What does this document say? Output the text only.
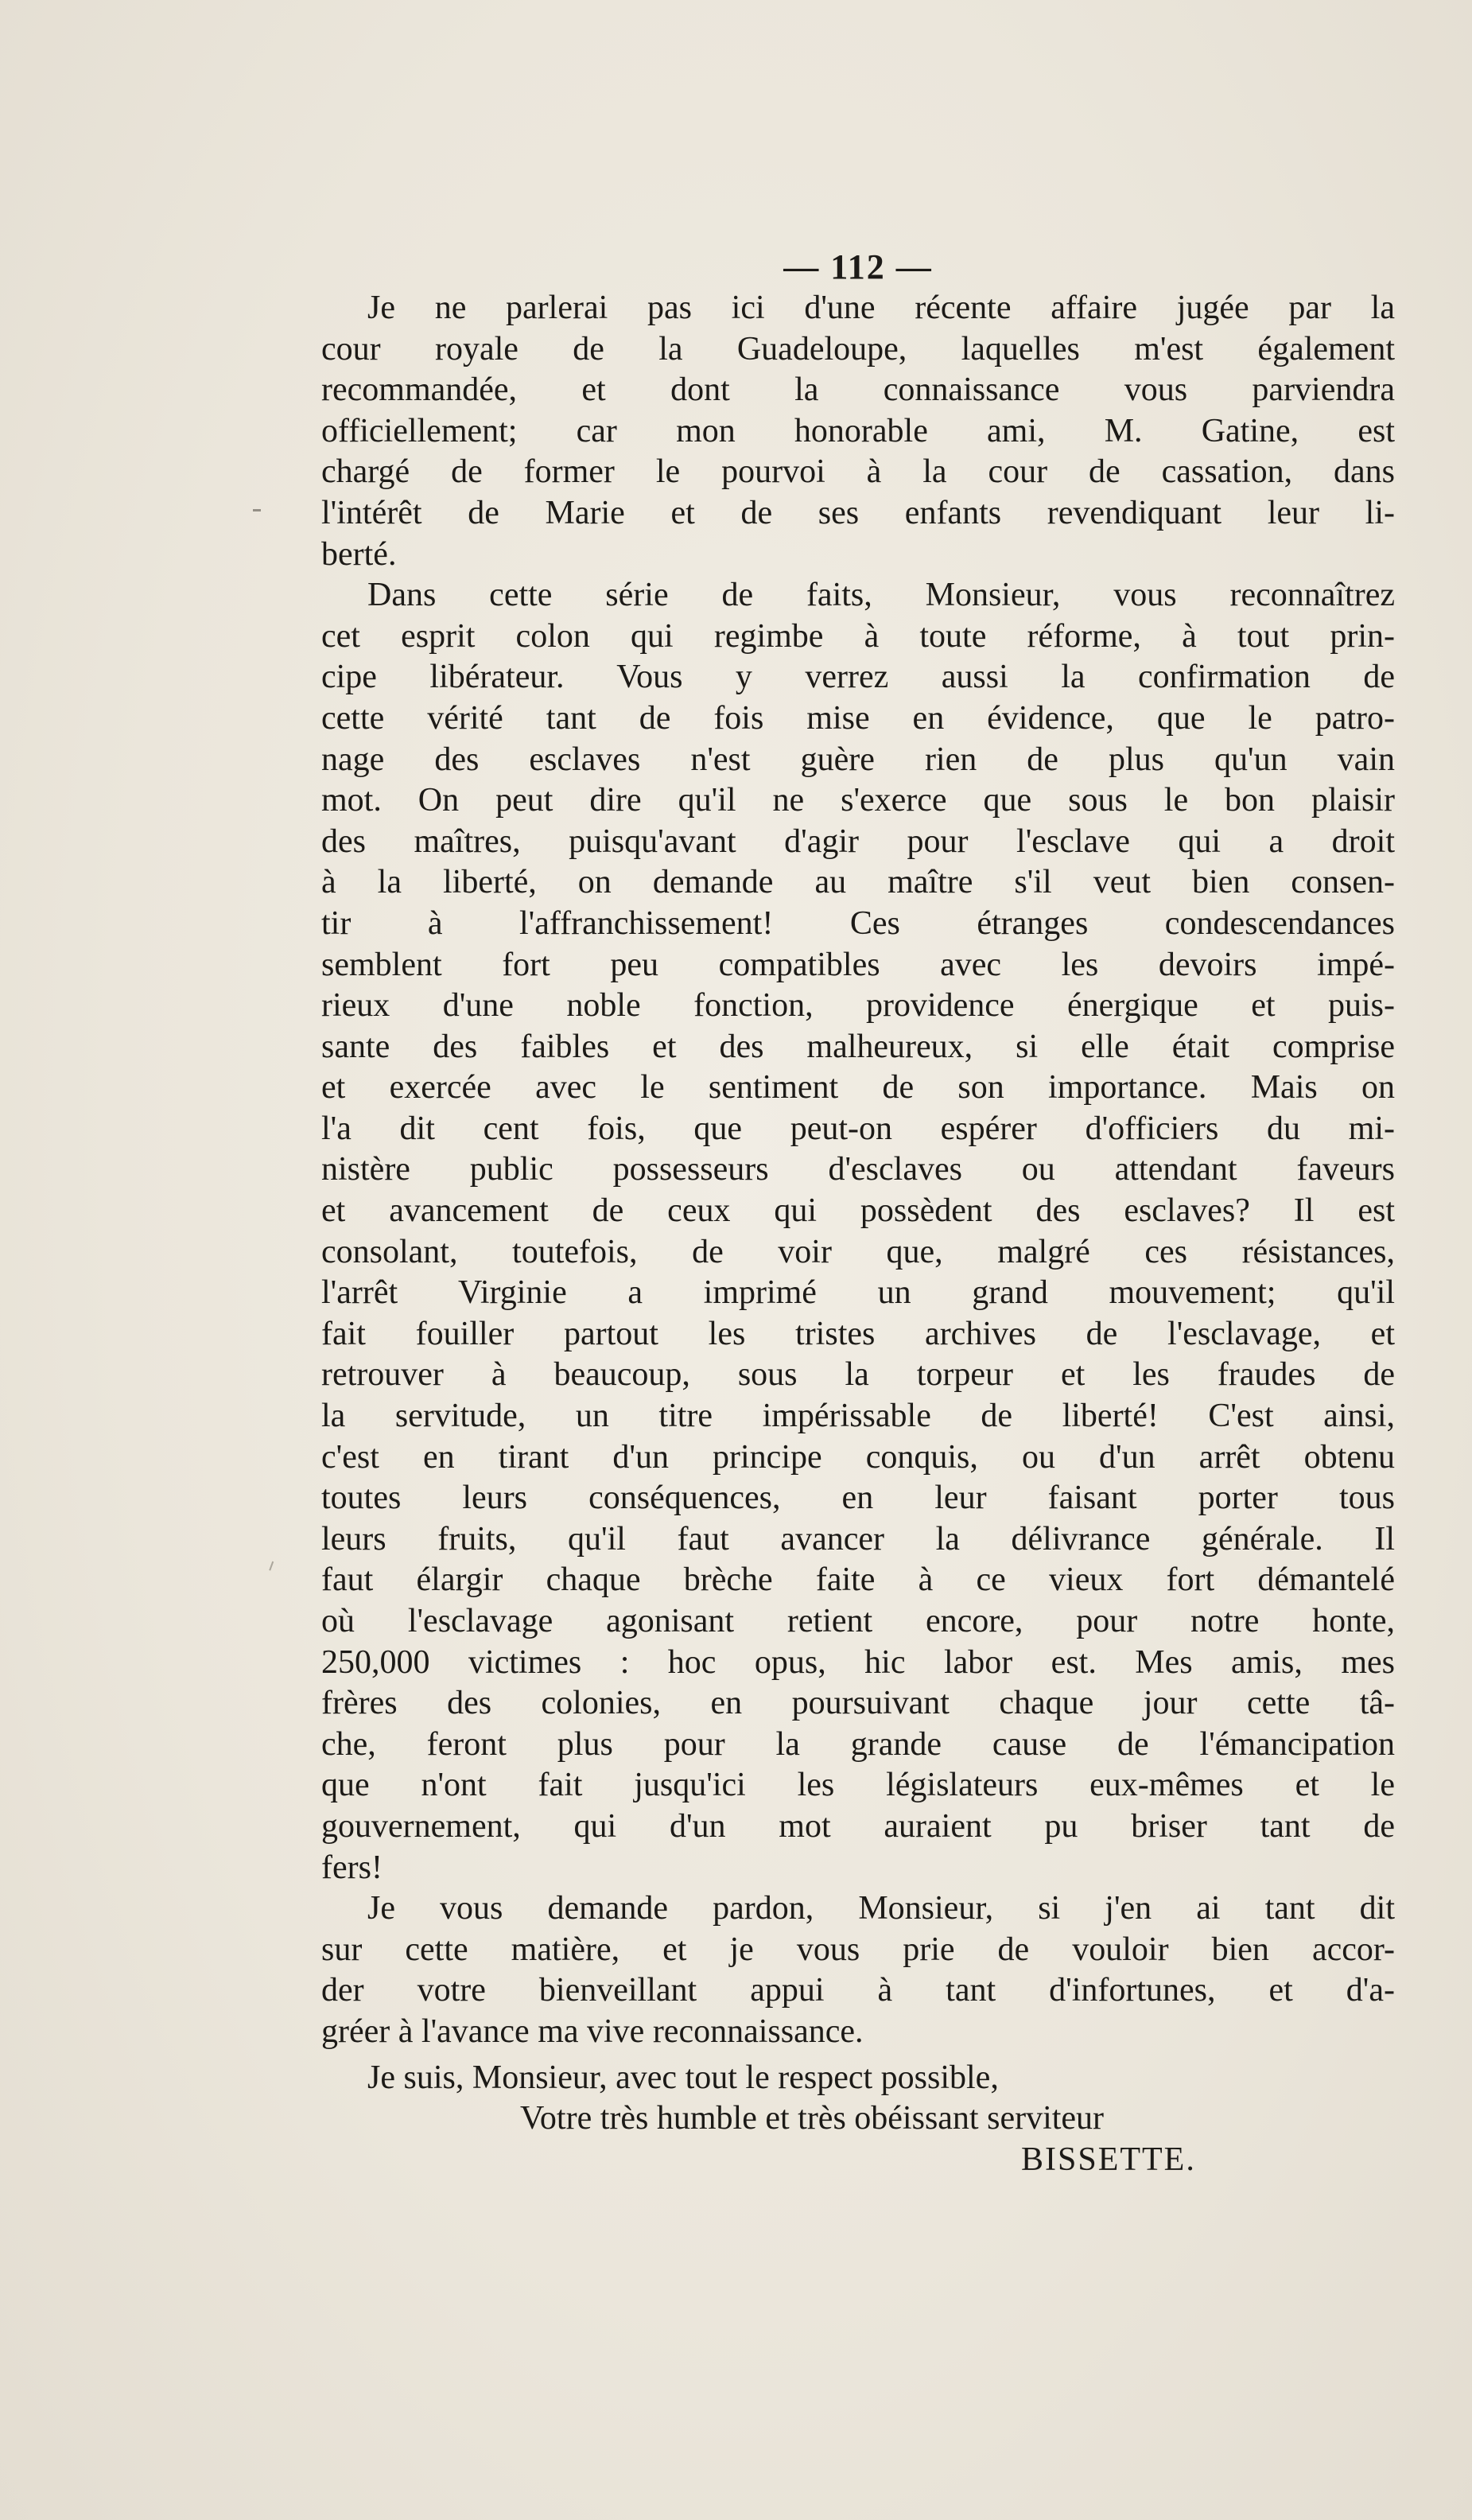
— 112 —
Je ne parlerai pas ici d'une récente affaire jugée par la
cour royale de la Guadeloupe, laquelles m'est également
recommandée, et dont la connaissance vous parviendra
officiellement; car mon honorable ami, M. Gatine, est
chargé de former le pourvoi à la cour de cassation, dans
l'intérêt de Marie et de ses enfants revendiquant leur li-
berté.
Dans cette série de faits, Monsieur, vous reconnaîtrez
cet esprit colon qui regimbe à toute réforme, à tout prin-
cipe libérateur. Vous y verrez aussi la confirmation de
cette vérité tant de fois mise en évidence, que le patro-
nage des esclaves n'est guère rien de plus qu'un vain
mot. On peut dire qu'il ne s'exerce que sous le bon plaisir
des maîtres, puisqu'avant d'agir pour l'esclave qui a droit
à la liberté, on demande au maître s'il veut bien consen-
tir à l'affranchissement! Ces étranges condescendances
semblent fort peu compatibles avec les devoirs impé-
rieux d'une noble fonction, providence énergique et puis-
sante des faibles et des malheureux, si elle était comprise
et exercée avec le sentiment de son importance. Mais on
l'a dit cent fois, que peut-on espérer d'officiers du mi-
nistère public possesseurs d'esclaves ou attendant faveurs
et avancement de ceux qui possèdent des esclaves? Il est
consolant, toutefois, de voir que, malgré ces résistances,
l'arrêt Virginie a imprimé un grand mouvement; qu'il
fait fouiller partout les tristes archives de l'esclavage, et
retrouver à beaucoup, sous la torpeur et les fraudes de
la servitude, un titre impérissable de liberté! C'est ainsi,
c'est en tirant d'un principe conquis, ou d'un arrêt obtenu
toutes leurs conséquences, en leur faisant porter tous
leurs fruits, qu'il faut avancer la délivrance générale. Il
faut élargir chaque brèche faite à ce vieux fort démantelé
où l'esclavage agonisant retient encore, pour notre honte,
250,000 victimes : hoc opus, hic labor est. Mes amis, mes
frères des colonies, en poursuivant chaque jour cette tâ-
che, feront plus pour la grande cause de l'émancipation
que n'ont fait jusqu'ici les législateurs eux-mêmes et le
gouvernement, qui d'un mot auraient pu briser tant de
fers!
Je vous demande pardon, Monsieur, si j'en ai tant dit
sur cette matière, et je vous prie de vouloir bien accor-
der votre bienveillant appui à tant d'infortunes, et d'a-
gréer à l'avance ma vive reconnaissance.
Je suis, Monsieur, avec tout le respect possible,
Votre très humble et très obéissant serviteur
BISSETTE.
